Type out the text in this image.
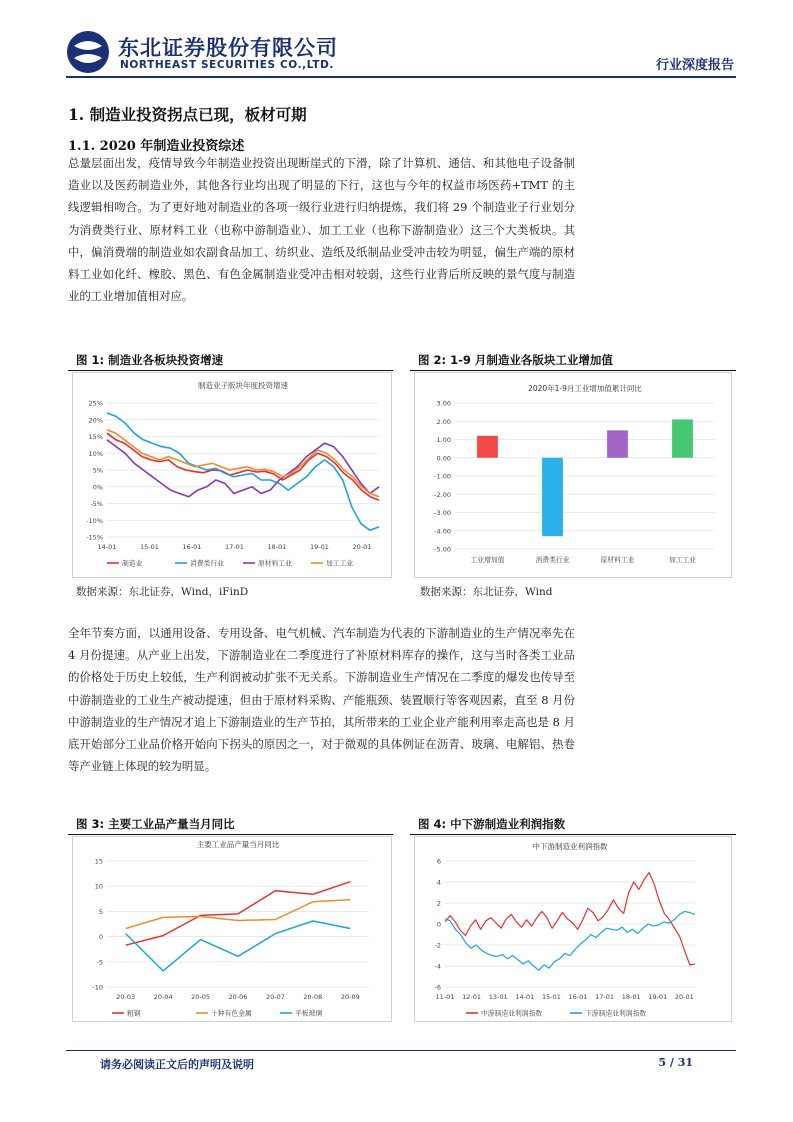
东北证券股份有限公司
NORTHEAST SECURITIES CO.,LTD.	行业深度报告
1. 制造业投资拐点已现，板材可期
1.1. 2020 年制造业投资综述
总量层面出发，疫情导致今年制造业投资出现断崖式的下滑，除了计算机、通信、和其他电子设备制造业以及医药制造业外，其他各行业均出现了明显的下行，这也与今年的权益市场医药+TMT 的主线逻辑相吻合。为了更好地对制造业的各项一级行业进行归纳提炼，我们将 29 个制造业子行业划分为消费类行业、原材料工业（也称中游制造业）、加工工业（也称下游制造业）这三个大类板块。其中，偏消费端的制造业如农副食品加工、纺织业、造纸及纸制品业受冲击较为明显，偏生产端的原材料工业如化纤、橡胶、黑色、有色金属制造业受冲击相对较弱，这些行业背后所反映的景气度与制造业的工业增加值相对应。
图 1: 制造业各板块投资增速
制造业子版块年度投资增速
25%
20%
15%
10%
5%
0%
-5%
-10%
-15%
14-01	15-01	16-01	17-01	18-01	19-01	20-01
制造业	消费类行业	原材料工业	加工工业
数据来源：东北证券，Wind，iFinD
图 2: 1-9 月制造业各版块工业增加值
2020年1-9月工业增加值累计同比
3.00
2.00
1.00
0.00
-1.00
-2.00
-3.00
-4.00
-5.00
工业增加值	消费类行业	原材料工业	加工工业
数据来源：东北证券，Wind
全年节奏方面，以通用设备、专用设备、电气机械、汽车制造为代表的下游制造业的生产情况率先在 4 月份提速。从产业上出发，下游制造业在二季度进行了补原材料库存的操作，这与当时各类工业品的价格处于历史上较低，生产利润被动扩张不无关系。下游制造业生产情况在二季度的爆发也传导至中游制造业的工业生产被动提速，但由于原材料采购、产能瓶颈、装置顺行等客观因素，直至 8 月份中游制造业的生产情况才追上下游制造业的生产节拍，其所带来的工业企业产能利用率走高也是 8 月底开始部分工业品价格开始向下拐头的原因之一，对于微观的具体例证在沥青、玻璃、电解铝、热卷等产业链上体现的较为明显。
图 3: 主要工业品产量当月同比
主要工业品产量当月同比
15
10
5
0
-5
-10
20-03	20-04	20-05	20-06	20-07	20-08	20-09
粗钢	十种有色金属	平板玻璃
图 4: 中下游制造业利润指数
中下游制造业利润指数
6
4
2
0
-2
-4
-6
11-01 12-01 13-01 14-01 15-01 16-01 17-01 18-01 19-01 20-01
中游制造业利润指数	下游制造业利润指数
请务必阅读正文后的声明及说明	5 / 31
